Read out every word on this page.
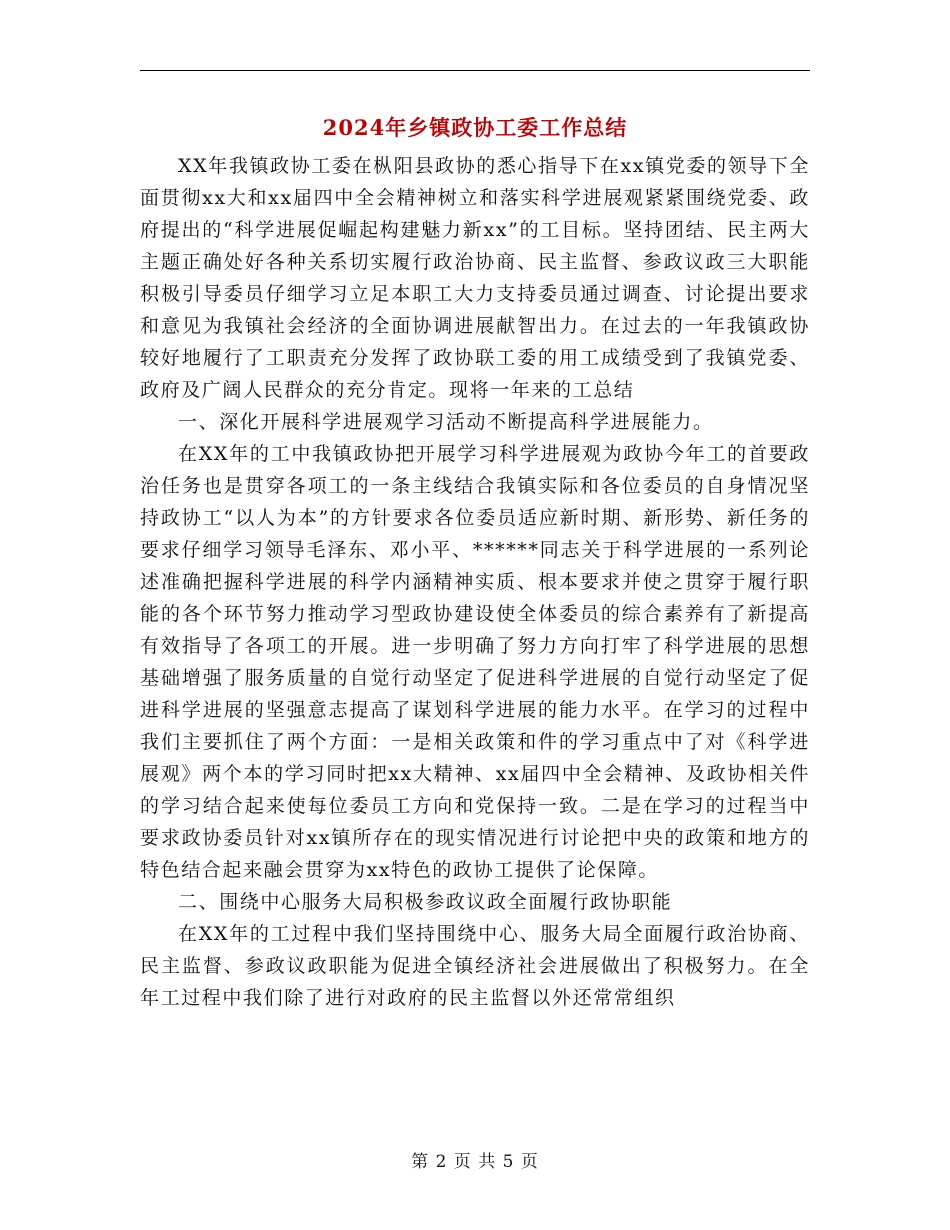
2024年乡镇政协工委工作总结

XX年我镇政协工委在枞阳县政协的悉心指导下在xx镇党委的领导下全面贯彻xx大和xx届四中全会精神树立和落实科学进展观紧紧围绕党委、政府提出的“科学进展促崛起构建魅力新xx”的工目标。坚持团结、民主两大主题正确处好各种关系切实履行政治协商、民主监督、参政议政三大职能积极引导委员仔细学习立足本职工大力支持委员通过调查、讨论提出要求和意见为我镇社会经济的全面协调进展献智出力。在过去的一年我镇政协较好地履行了工职责充分发挥了政协联工委的用工成绩受到了我镇党委、政府及广阔人民群众的充分肯定。现将一年来的工总结

一、深化开展科学进展观学习活动不断提高科学进展能力。

在XX年的工中我镇政协把开展学习科学进展观为政协今年工的首要政治任务也是贯穿各项工的一条主线结合我镇实际和各位委员的自身情况坚持政协工“以人为本”的方针要求各位委员适应新时期、新形势、新任务的要求仔细学习领导毛泽东、邓小平、******同志关于科学进展的一系列论述准确把握科学进展的科学内涵精神实质、根本要求并使之贯穿于履行职能的各个环节努力推动学习型政协建设使全体委员的综合素养有了新提高有效指导了各项工的开展。进一步明确了努力方向打牢了科学进展的思想基础增强了服务质量的自觉行动坚定了促进科学进展的自觉行动坚定了促进科学进展的坚强意志提高了谋划科学进展的能力水平。在学习的过程中我们主要抓住了两个方面：一是相关政策和件的学习重点中了对《科学进展观》两个本的学习同时把xx大精神、xx届四中全会精神、及政协相关件的学习结合起来使每位委员工方向和党保持一致。二是在学习的过程当中要求政协委员针对xx镇所存在的现实情况进行讨论把中央的政策和地方的特色结合起来融会贯穿为xx特色的政协工提供了论保障。

二、围绕中心服务大局积极参政议政全面履行政协职能

在XX年的工过程中我们坚持围绕中心、服务大局全面履行政治协商、民主监督、参政议政职能为促进全镇经济社会进展做出了积极努力。在全年工过程中我们除了进行对政府的民主监督以外还常常组织

第 2 页 共 5 页
